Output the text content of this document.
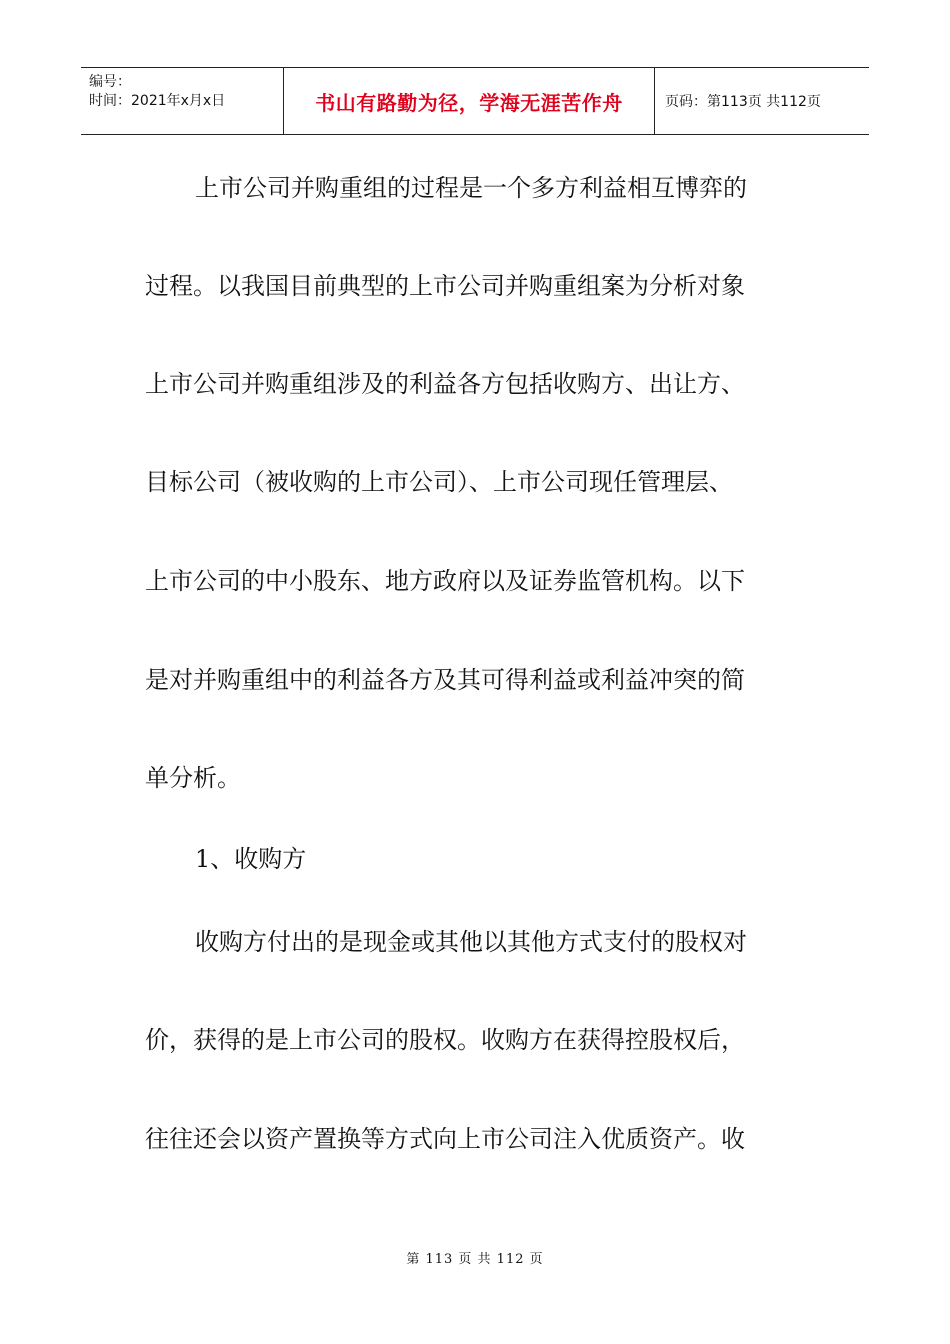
编号：
时间：2021年x月x日	书山有路勤为径，学海无涯苦作舟	页码：第113页 共112页

上市公司并购重组的过程是一个多方利益相互博弈的

过程。以我国目前典型的上市公司并购重组案为分析对象

上市公司并购重组涉及的利益各方包括收购方、出让方、

目标公司（被收购的上市公司）、上市公司现任管理层、

上市公司的中小股东、地方政府以及证券监管机构。以下

是对并购重组中的利益各方及其可得利益或利益冲突的简

单分析。

1、收购方

收购方付出的是现金或其他以其他方式支付的股权对

价，获得的是上市公司的股权。收购方在获得控股权后，

往往还会以资产置换等方式向上市公司注入优质资产。收

第 113 页 共 112 页
